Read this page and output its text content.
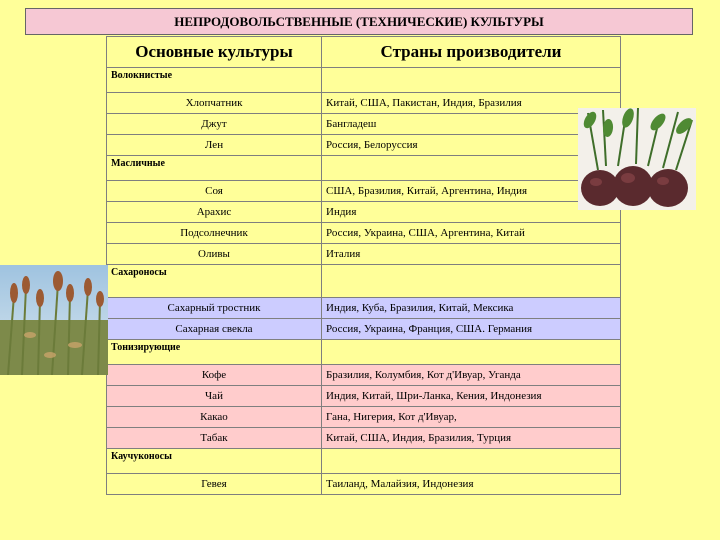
НЕПРОДОВОЛЬСТВЕННЫЕ (ТЕХНИЧЕСКИЕ) КУЛЬТУРЫ
Основные культуры	Страны производители
Волокнистые	
Хлопчатник	Китай, США, Пакистан, Индия, Бразилия
Джут	Бангладеш
Лен	Россия, Белоруссия
Масличные	
Соя	США, Бразилия, Китай, Аргентина, Индия
Арахис	Индия
Подсолнечник	Россия, Украина, США, Аргентина, Китай
Оливы	Италия
Сахароносы	
Сахарный тростник	Индия, Куба, Бразилия, Китай, Мексика
Сахарная свекла	Россия, Украина, Франция, США. Германия
Тонизирующие	
Кофе	Бразилия, Колумбия, Кот д'Ивуар, Уганда
Чай	Индия, Китай, Шри-Ланка, Кения, Индонезия
Какао	Гана, Нигерия, Кот д'Ивуар,
Табак	Китай, США, Индия, Бразилия, Турция
Каучуконосы	
Гевея	Таиланд, Малайзия, Индонезия
